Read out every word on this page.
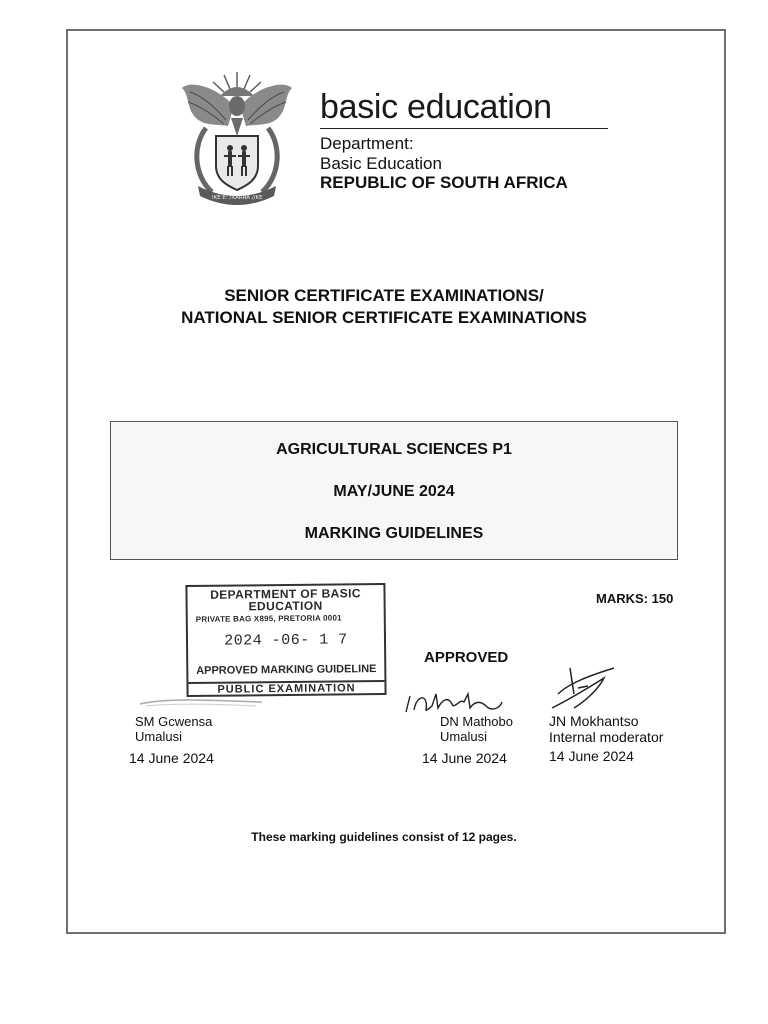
!KE E: /XARRA //KE
basic education
Department:
Basic Education
REPUBLIC OF SOUTH AFRICA
SENIOR CERTIFICATE EXAMINATIONS/
NATIONAL SENIOR CERTIFICATE EXAMINATIONS
AGRICULTURAL SCIENCES P1
MAY/JUNE 2024
MARKING GUIDELINES
MARKS: 150
DEPARTMENT OF BASIC
EDUCATION
PRIVATE BAG X895, PRETORIA 0001
2024 -06- 1 7
APPROVED MARKING GUIDELINE
PUBLIC EXAMINATION
APPROVED
SM Gcwensa
Umalusi
14 June 2024
DN Mathobo
Umalusi
14 June 2024
JN Mokhantso
Internal moderator
14 June 2024
These marking guidelines consist of 12 pages.
